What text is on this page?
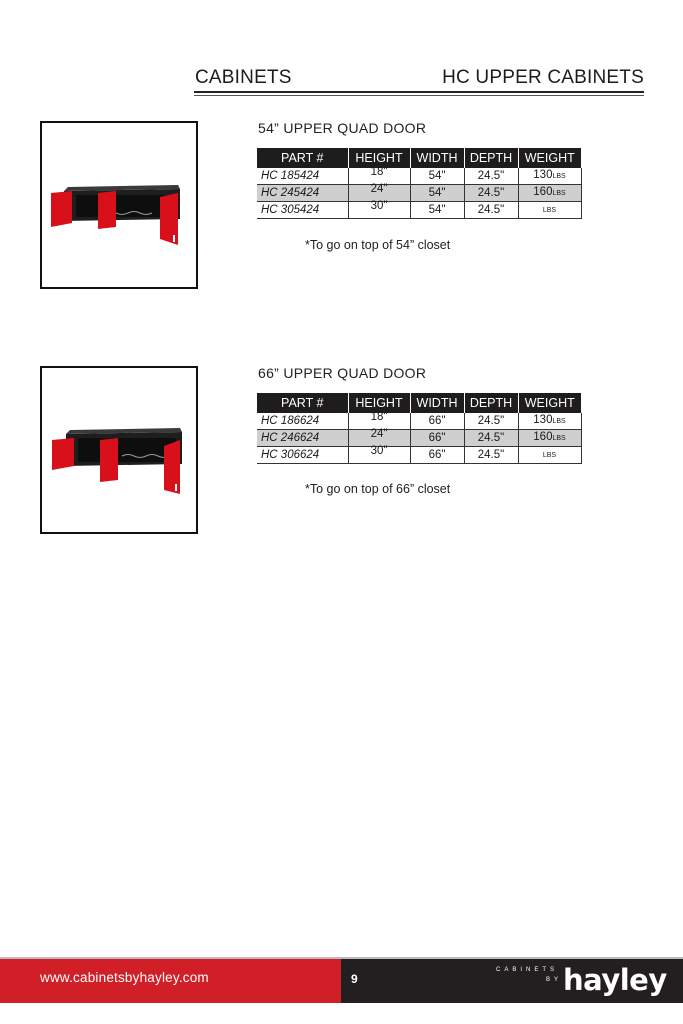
CABINETS	HC UPPER CABINETS
54” UPPER QUAD DOOR
PART #	HEIGHT	WIDTH	DEPTH	WEIGHT
HC 185424	18"	54"	24.5"	130LBS
HC 245424	24"	54"	24.5"	160LBS
HC 305424	30"	54"	24.5"	LBS
*To go on top of 54” closet
66” UPPER QUAD DOOR
PART #	HEIGHT	WIDTH	DEPTH	WEIGHT
HC 186624	18"	66"	24.5"	130LBS
HC 246624	24"	66"	24.5"	160LBS
HC 306624	30"	66"	24.5"	LBS
*To go on top of 66” closet
www.cabinetsbyhayley.com	9
CABINETS
BY hayley
